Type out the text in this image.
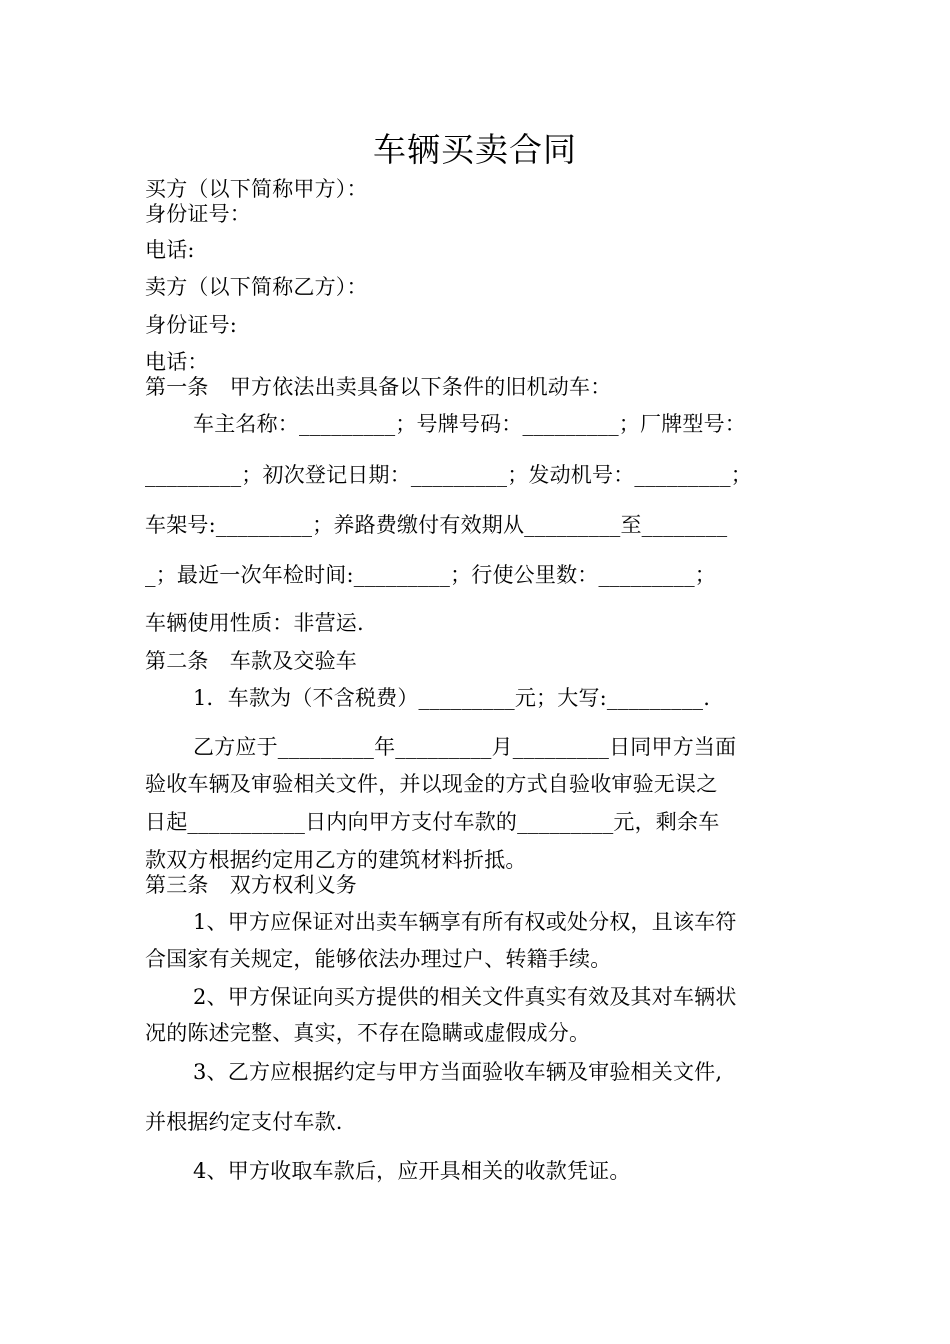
车辆买卖合同
买方（以下简称甲方）：
身份证号：
电话:
卖方（以下简称乙方）：
身份证号:
电话：
第一条　甲方依法出卖具备以下条件的旧机动车：
车主名称：_________；号牌号码：_________；厂牌型号：
_________；初次登记日期：_________；发动机号：_________；
车架号:_________；养路费缴付有效期从_________至________
_；最近一次年检时间:_________；行使公里数：_________；
车辆使用性质：非营运.
第二条　车款及交验车
1．车款为（不含税费）_________元；大写:_________.
乙方应于_________年_________月_________日同甲方当面
验收车辆及审验相关文件，并以现金的方式自验收审验无误之
日起___________日内向甲方支付车款的_________元，剩余车
款双方根据约定用乙方的建筑材料折抵。
第三条　双方权利义务
1、甲方应保证对出卖车辆享有所有权或处分权，且该车符
合国家有关规定，能够依法办理过户、转籍手续。
2、甲方保证向买方提供的相关文件真实有效及其对车辆状
况的陈述完整、真实，不存在隐瞒或虚假成分。
3、乙方应根据约定与甲方当面验收车辆及审验相关文件,
并根据约定支付车款.
4、甲方收取车款后，应开具相关的收款凭证。
